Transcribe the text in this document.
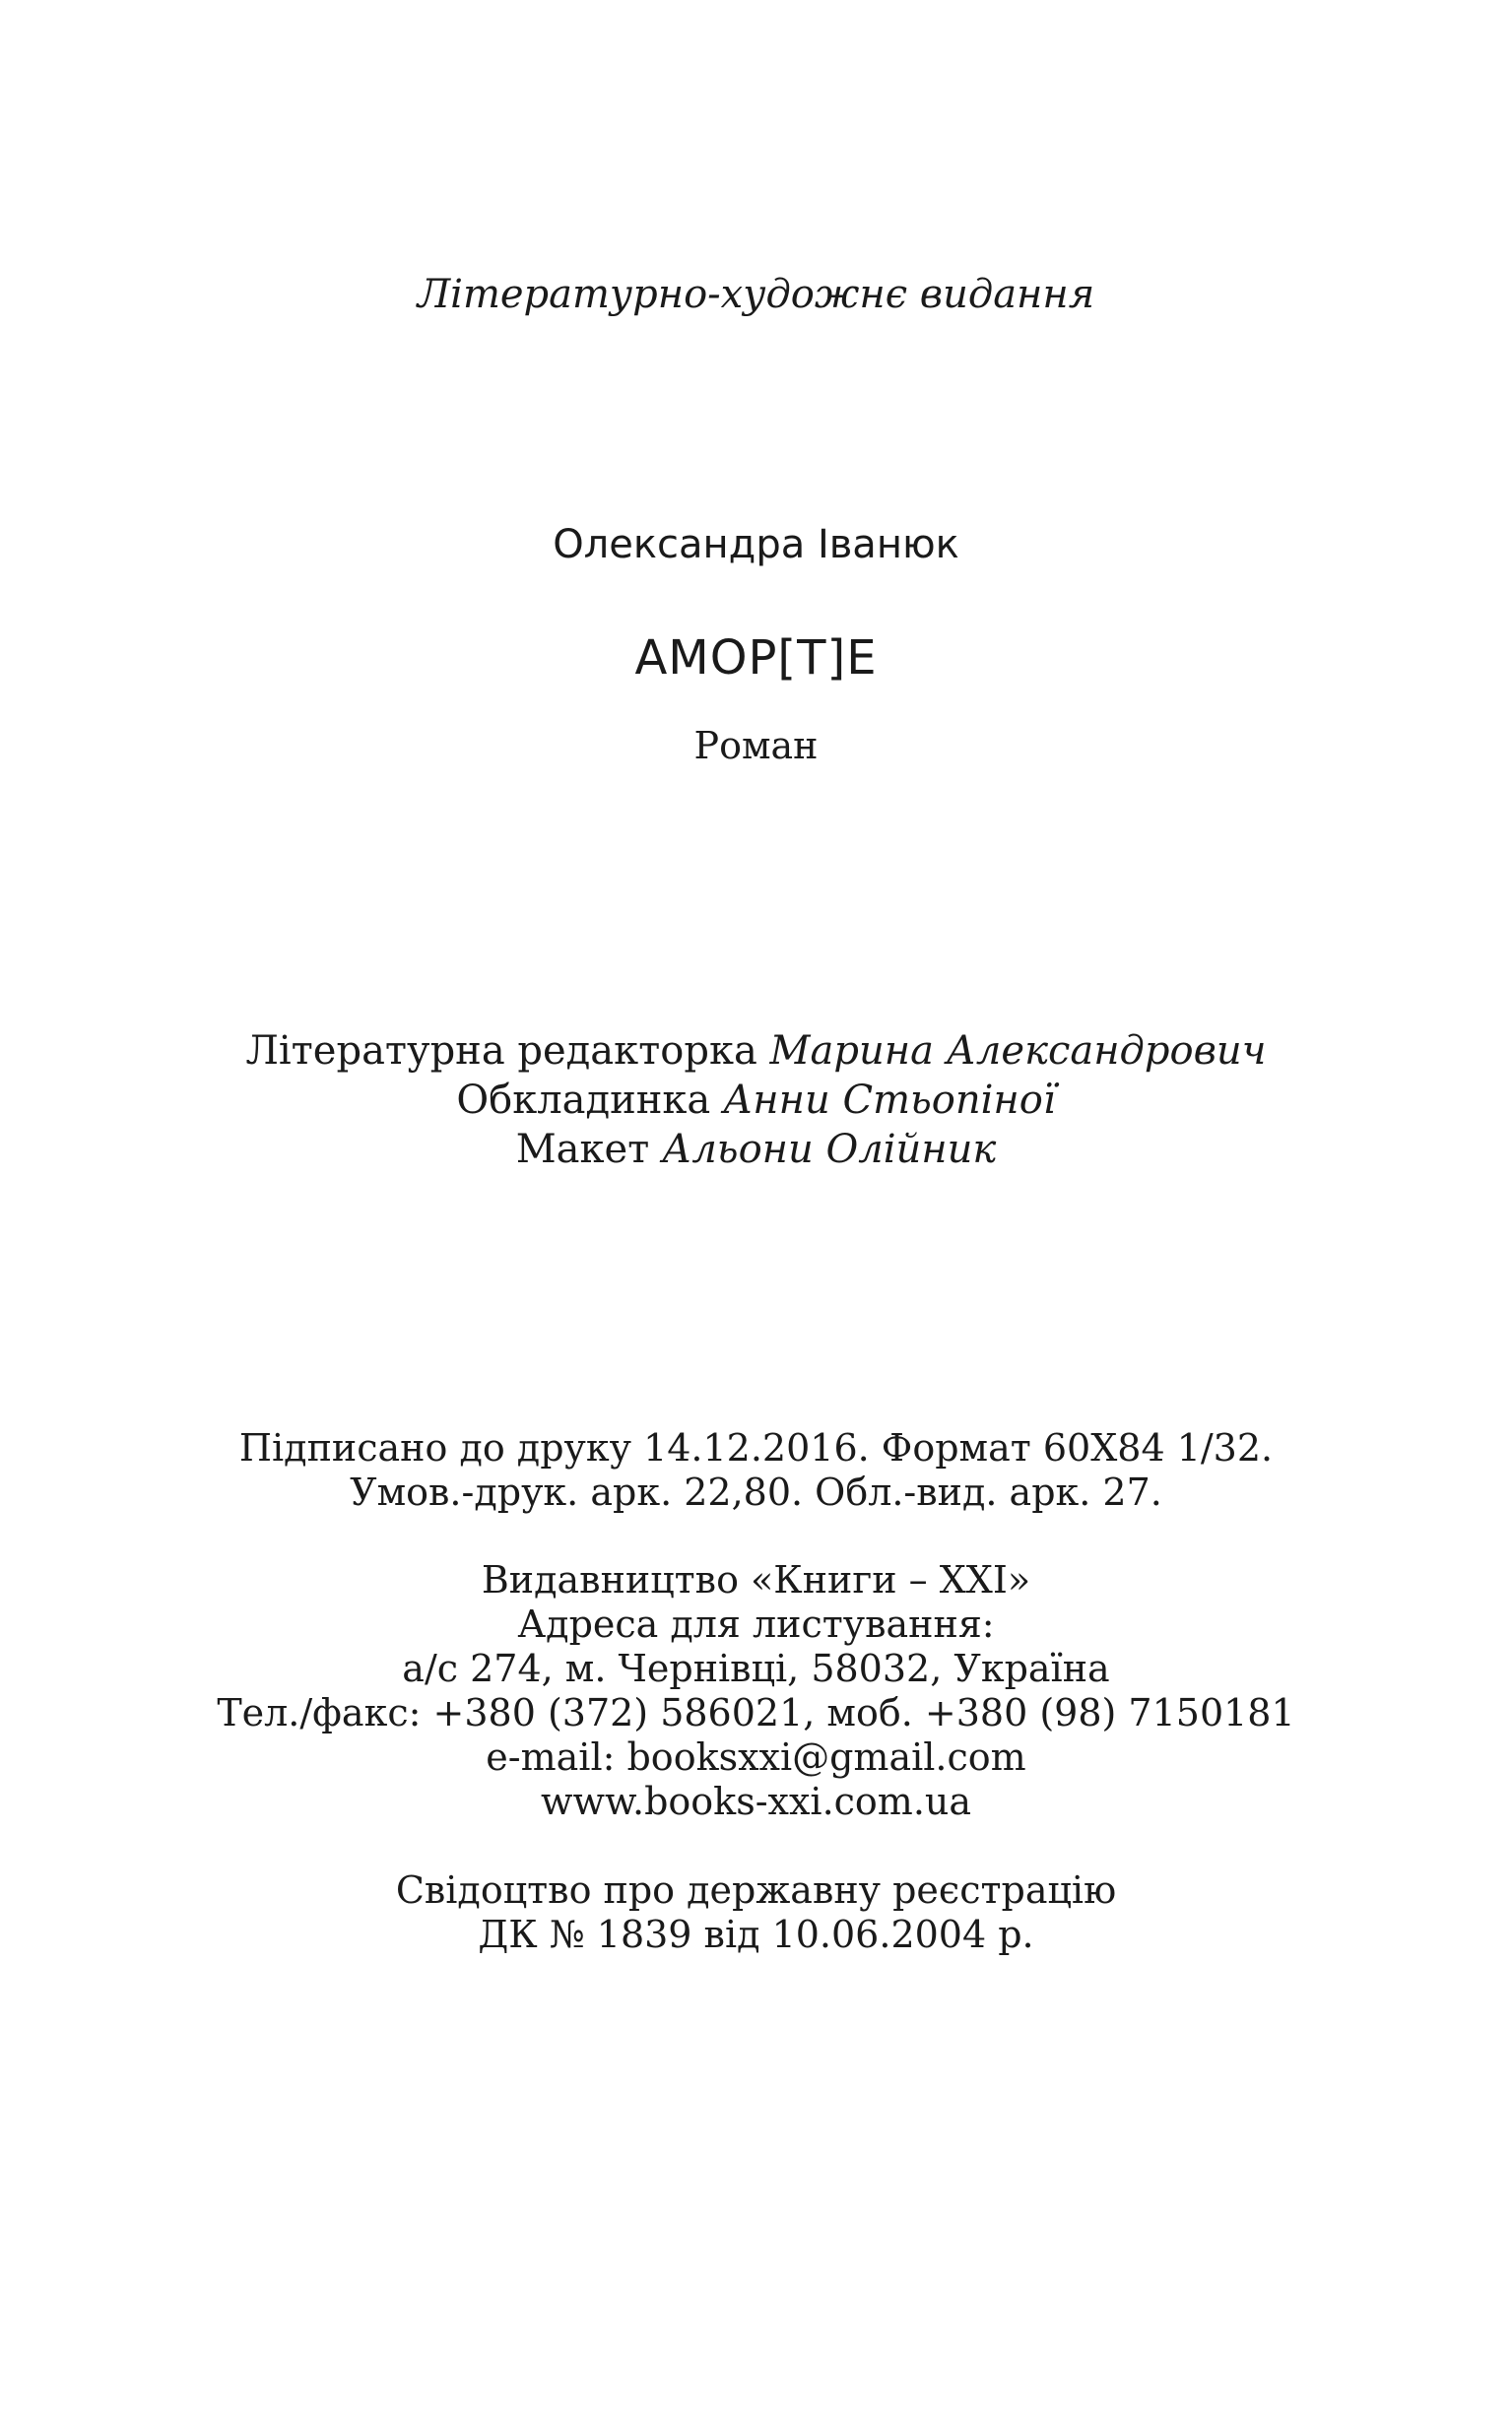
Літературно-художнє видання
Олександра Іванюк
АМОР[Т]Е
Роман
Літературна редакторка Марина Александрович
Обкладинка Анни Стьопіної
Макет Альони Олійник
Підписано до друку 14.12.2016. Формат 60Х84 1/32.
Умов.-друк. арк. 22,80. Обл.-вид. арк. 27.
Видавництво «Книги – ХХІ»
Адреса для листування:
а/с 274, м. Чернівці, 58032, Україна
Тел./факс: +380 (372) 586021, моб. +380 (98) 7150181
e-mail: booksxxi@gmail.com
www.books-xxi.com.ua
Свідоцтво про державну реєстрацію
ДК № 1839 від 10.06.2004 р.
